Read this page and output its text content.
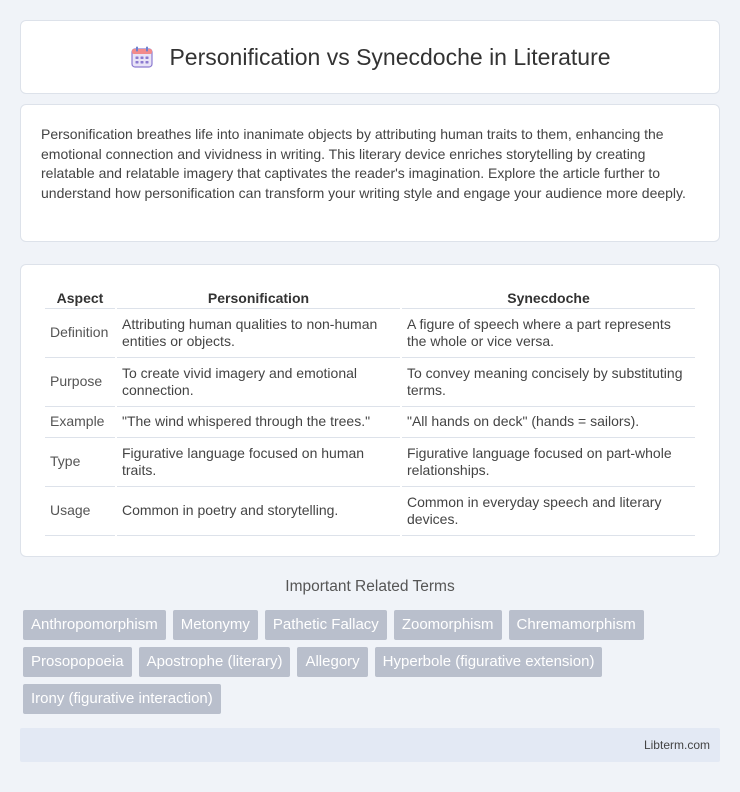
Personification vs Synecdoche in Literature

Personification breathes life into inanimate objects by attributing human traits to them, enhancing the emotional connection and vividness in writing. This literary device enriches storytelling by creating relatable and relatable imagery that captivates the reader's imagination. Explore the article further to understand how personification can transform your writing style and engage your audience more deeply.

Aspect	Personification	Synecdoche
Definition	Attributing human qualities to non-human entities or objects.	A figure of speech where a part represents the whole or vice versa.
Purpose	To create vivid imagery and emotional connection.	To convey meaning concisely by substituting terms.
Example	"The wind whispered through the trees."	"All hands on deck" (hands = sailors).
Type	Figurative language focused on human traits.	Figurative language focused on part-whole relationships.
Usage	Common in poetry and storytelling.	Common in everyday speech and literary devices.
Important Related Terms
Anthropomorphism	Metonymy	Pathetic Fallacy	Zoomorphism	Chremamorphism
Prosopopoeia	Apostrophe (literary)	Allegory	Hyperbole (figurative extension)
Irony (figurative interaction)
Libterm.com
